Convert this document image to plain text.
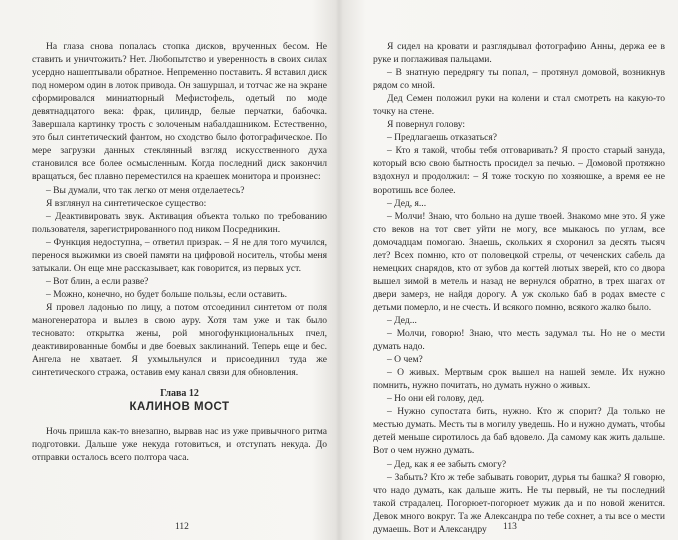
На глаза снова попалась стопка дисков, врученных бесом. Не ставить и уничтожить? Нет. Любопытство и уверенность в своих силах усердно нашептывали обратное. Непременно поставить. Я вставил диск под номером один в лоток привода. Он зашуршал, и тотчас же на экране сформировался миниатюрный Мефистофель, одетый по моде девятнадцатого века: фрак, цилиндр, белые перчатки, бабочка. Завершала картинку трость с золоченым набалдашником. Естественно, это был синтетический фантом, но сходство было фотографическое. По мере загрузки данных стеклянный взгляд искусственного духа становился все более осмысленным. Когда последний диск закончил вращаться, бес плавно переместился на краешек монитора и произнес:

– Вы думали, что так легко от меня отделаетесь?

Я взглянул на синтетическое существо:

– Деактивировать звук. Активация объекта только по требованию пользователя, зарегистрированного под ником Посредникин.

– Функция недоступна, – ответил призрак. – Я не для того мучился, перенося выжимки из своей памяти на цифровой носитель, чтобы меня затыкали. Он еще мне рассказывает, как говорится, из первых уст.

– Вот блин, а если разве?

– Можно, конечно, но будет больше пользы, если оставить.

Я провел ладонью по лицу, а потом отсоединил синтетом от поля маногенератора и вылез в свою ауру. Хотя там уже и так было тесновато: открытка жены, рой многофункциональных пчел, деактивированные бомбы и две боевых заклинаний. Теперь еще и бес. Ангела не хватает. Я ухмыльнулся и присоединил туда же синтетического стража, оставив ему канал связи для обновления.

Глава 12
КАЛИНОВ МОСТ

Ночь пришла как-то внезапно, вырвав нас из уже привычного ритма подготовки. Дальше уже некуда готовиться, и отступать некуда. До отправки осталось всего полтора часа.

112

Я сидел на кровати и разглядывал фотографию Анны, держа ее в руке и поглаживая пальцами.

– В знатную передрягу ты попал, – протянул домовой, возникнув рядом со мной.

Дед Семен положил руки на колени и стал смотреть на какую-то точку на стене.

Я повернул голову:

– Предлагаешь отказаться?

– Кто я такой, чтобы тебя отговаривать? Я просто старый зануда, который всю свою бытность просидел за печью. – Домовой протяжно вздохнул и продолжил: – Я тоже тоскую по хозяюшке, а время ее не воротишь все более.

– Дед, я...

– Молчи! Знаю, что больно на душе твоей. Знакомо мне это. Я уже сто веков на тот свет уйти не могу, все мыкаюсь по углам, все домочадцам помогаю. Знаешь, скольких я схоронил за десять тысяч лет? Всех помню, кто от половецкой стрелы, от чеченских сабель да немецких снарядов, кто от зубов да когтей лютых зверей, кто со двора вышел зимой в метель и назад не вернулся обратно, в трех шагах от двери замерз, не найдя дорогу. А уж сколько баб в родах вместе с детьми померло, и не счесть. И всякого помню, всякого жалко было.

– Дед...

– Молчи, говорю! Знаю, что месть задумал ты. Но не о мести думать надо.

– О чем?

– О живых. Мертвым срок вышел на нашей земле. Их нужно помнить, нужно почитать, но думать нужно о живых.

– Но они ей голову, дед.

– Нужно супостата бить, нужно. Кто ж спорит? Да только не местью думать. Месть ты в могилу уведешь. Но и нужно думать, чтобы детей меньше сиротилось да баб вдовело. Да самому как жить дальше. Вот о чем нужно думать.

– Дед, как я ее забыть смогу?

– Забыть? Кто ж тебе забывать говорит, дурья ты башка? Я говорю, что надо думать, как дальше жить. Не ты первый, не ты последний такой страдалец. Погорюет-погорюет мужик да и по новой женится. Девок много вокруг. Та же Александра по тебе сохнет, а ты все о мести думаешь. Вот и Александру	113
